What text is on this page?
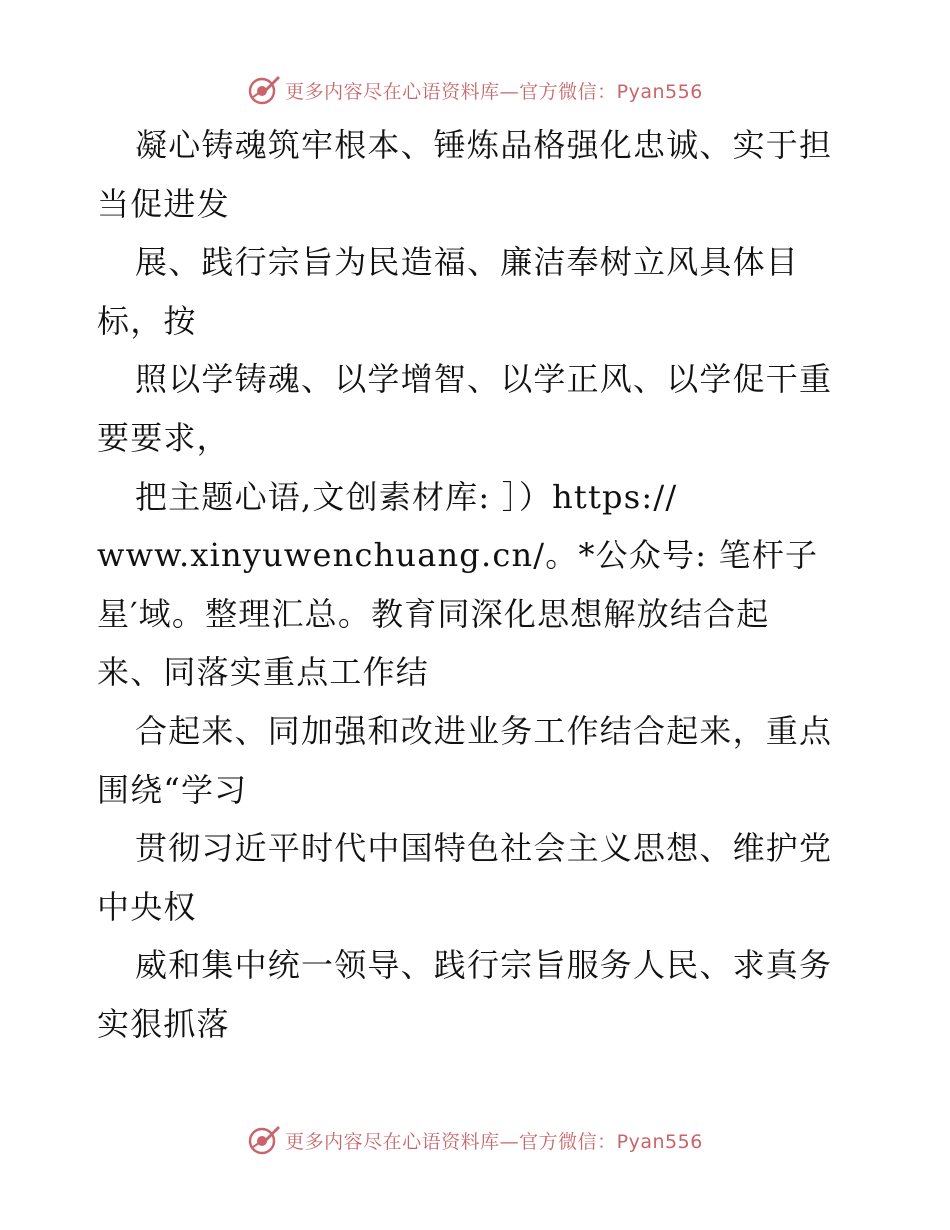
更多内容尽在心语资料库—官方微信：Pyan556
凝心铸魂筑牢根本、锤炼品格强化忠诚、实于担
当促进发
展、践行宗旨为民造福、廉洁奉树立风具体目
标，按
照以学铸魂、以学增智、以学正风、以学促干重
要要求，
把主题心语,文创素材库: ］）https://
www.xinyuwenchuang.cn/。*公众号: 笔杆子
星′域。整理汇总。教育同深化思想解放结合起
来、同落实重点工作结
合起来、同加强和改进业务工作结合起来，重点
围绕“学习
贯彻习近平时代中国特色社会主义思想、维护党
中央权
威和集中统一领导、践行宗旨服务人民、求真务
实狠抓落
更多内容尽在心语资料库—官方微信：Pyan556
